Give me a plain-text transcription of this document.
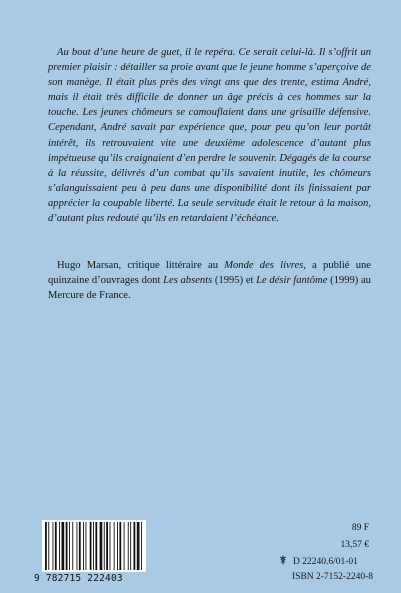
Au bout d’une heure de guet, il le repéra. Ce serait celui-là. Il s’offrit un premier plaisir : détailler sa proie avant que le jeune homme s’aperçoive de son manège. Il était plus près des vingt ans que des trente, estima André, mais il était très difficile de donner un âge précis à ces hommes sur la touche. Les jeunes chômeurs se camouflaient dans une grisaille défensive. Cependant, André savait par expérience que, pour peu qu’on leur portât intérêt, ils retrouvaient vite une deuxième adolescence d’autant plus impétueuse qu’ils craignaient d’en perdre le souvenir. Dégagés de la course à la réussite, délivrés d’un combat qu’ils savaient inutile, les chômeurs s’alanguissaient peu à peu dans une disponibilité dont ils finissaient par apprécier la coupable liberté. La seule servitude était le retour à la maison, d’autant plus redouté qu’ils en retardaient l’échéance.

Hugo Marsan, critique littéraire au Monde des livres, a publié une quinzaine d’ouvrages dont Les absents (1995) et Le désir fantôme (1999) au Mercure de France.

9 782715 222403
89 F
13,57 €
D 22240.6/01-01
ISBN 2-7152-2240-8
